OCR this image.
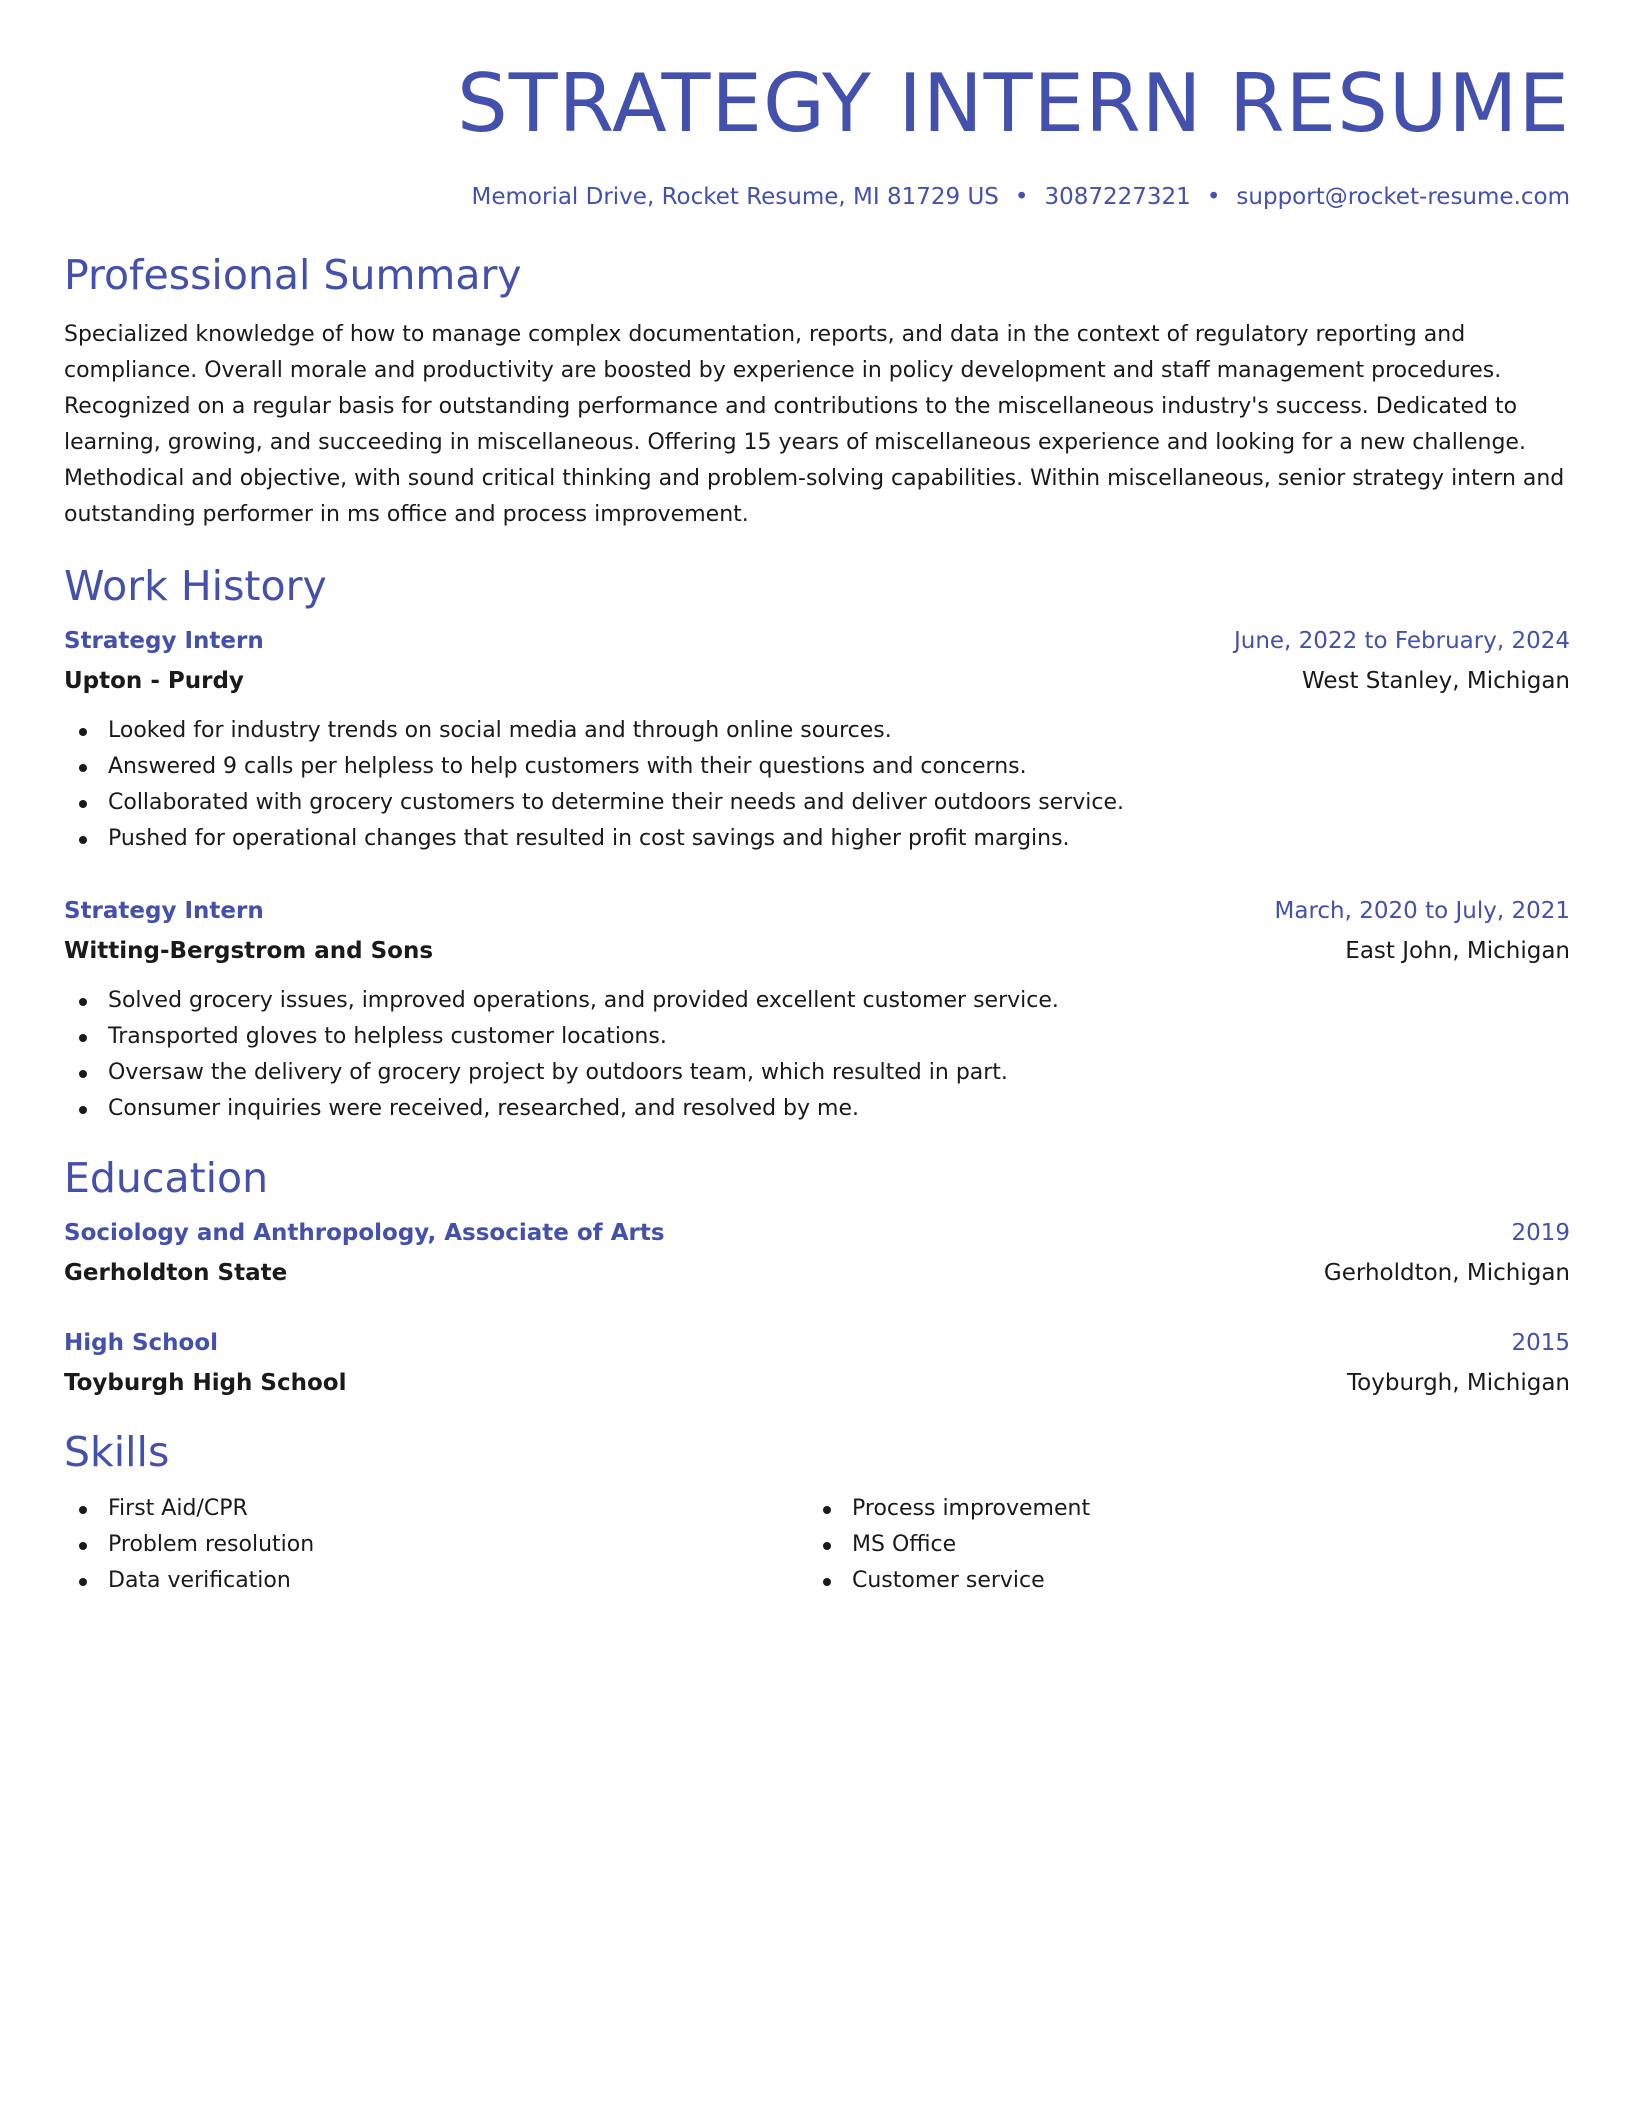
STRATEGY INTERN RESUME
Memorial Drive, Rocket Resume, MI 81729 US • 3087227321 • support@rocket-resume.com
Professional Summary

Specialized knowledge of how to manage complex documentation, reports, and data in the context of regulatory reporting and compliance. Overall morale and productivity are boosted by experience in policy development and staff management procedures. Recognized on a regular basis for outstanding performance and contributions to the miscellaneous industry's success. Dedicated to learning, growing, and succeeding in miscellaneous. Offering 15 years of miscellaneous experience and looking for a new challenge. Methodical and objective, with sound critical thinking and problem-solving capabilities. Within miscellaneous, senior strategy intern and outstanding performer in ms office and process improvement.

Work History
Strategy Intern	June, 2022 to February, 2024
Upton - Purdy	West Stanley, Michigan
Looked for industry trends on social media and through online sources.
Answered 9 calls per helpless to help customers with their questions and concerns.
Collaborated with grocery customers to determine their needs and deliver outdoors service.
Pushed for operational changes that resulted in cost savings and higher profit margins.
Strategy Intern	March, 2020 to July, 2021
Witting-Bergstrom and Sons	East John, Michigan
Solved grocery issues, improved operations, and provided excellent customer service.
Transported gloves to helpless customer locations.
Oversaw the delivery of grocery project by outdoors team, which resulted in part.
Consumer inquiries were received, researched, and resolved by me.
Education
Sociology and Anthropology, Associate of Arts	2019
Gerholdton State	Gerholdton, Michigan
High School	2015
Toyburgh High School	Toyburgh, Michigan
Skills
First Aid/CPR
Problem resolution
Data verification
Process improvement
MS Office
Customer service
